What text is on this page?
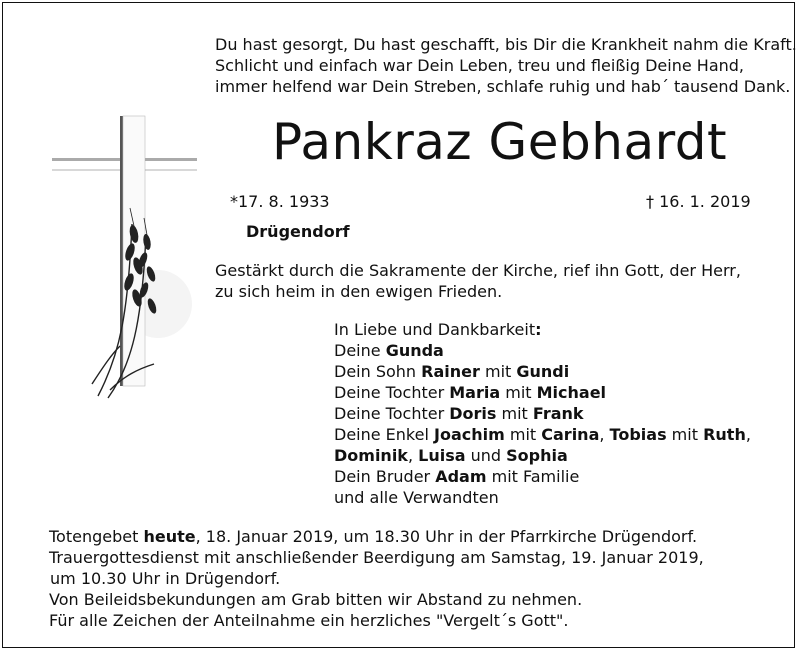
Du hast gesorgt, Du hast geschafft, bis Dir die Krankheit nahm die Kraft.
Schlicht und einfach war Dein Leben, treu und fleißig Deine Hand,
immer helfend war Dein Streben, schlafe ruhig und hab´ tausend Dank.
Pankraz Gebhardt
*17. 8. 1933	† 16. 1. 2019
Drügendorf
Gestärkt durch die Sakramente der Kirche, rief ihn Gott, der Herr,
zu sich heim in den ewigen Frieden.
In Liebe und Dankbarkeit:
Deine Gunda
Dein Sohn Rainer mit Gundi
Deine Tochter Maria mit Michael
Deine Tochter Doris mit Frank
Deine Enkel Joachim mit Carina, Tobias mit Ruth,
Dominik, Luisa und Sophia
Dein Bruder Adam mit Familie
und alle Verwandten
Totengebet heute, 18. Januar 2019, um 18.30 Uhr in der Pfarrkirche Drügendorf.
Trauergottesdienst mit anschließender Beerdigung am Samstag, 19. Januar 2019,
um 10.30 Uhr in Drügendorf.
Von Beileidsbekundungen am Grab bitten wir Abstand zu nehmen.
Für alle Zeichen der Anteilnahme ein herzliches "Vergelt´s Gott".
